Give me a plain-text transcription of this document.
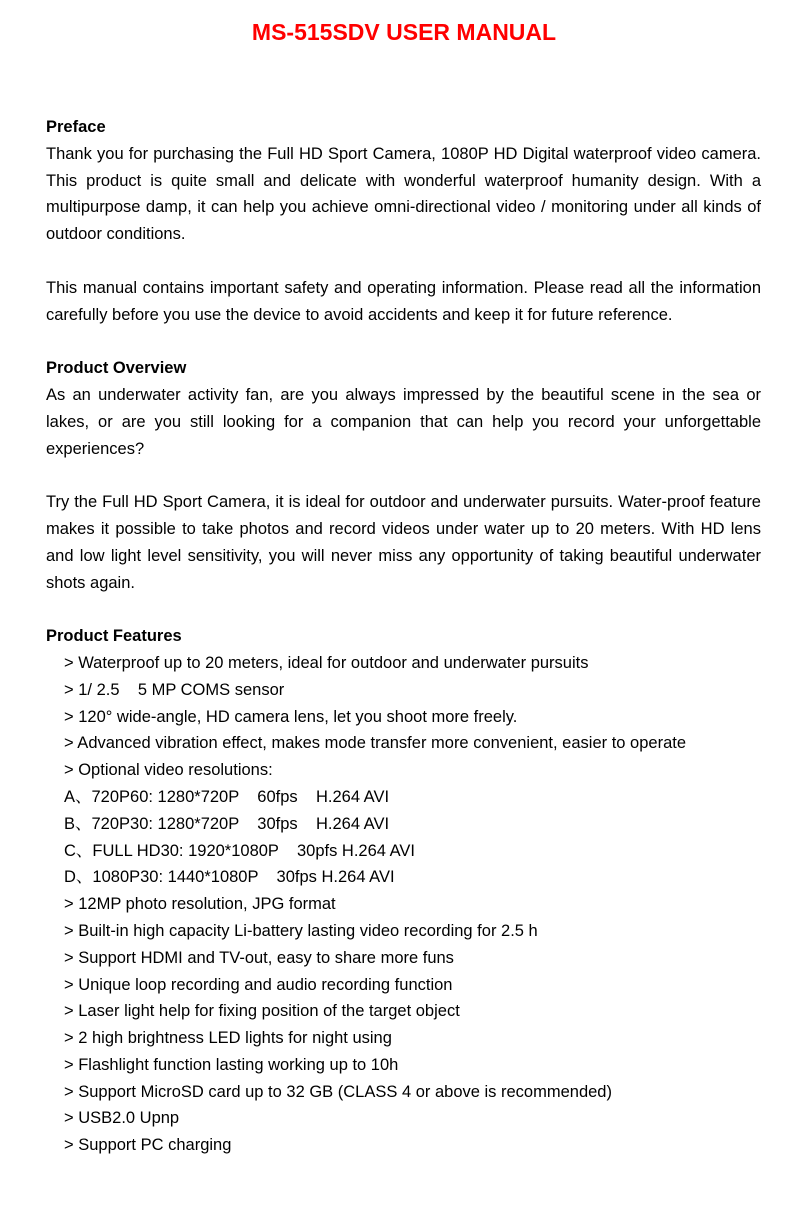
MS-515SDV USER MANUAL

Preface

Thank you for purchasing the Full HD Sport Camera, 1080P HD Digital waterproof video camera. This product is quite small and delicate with wonderful waterproof humanity design. With a multipurpose damp, it can help you achieve omni-directional video / monitoring under all kinds of outdoor conditions.

This manual contains important safety and operating information. Please read all the information carefully before you use the device to avoid accidents and keep it for future reference.

Product Overview

As an underwater activity fan, are you always impressed by the beautiful scene in the sea or lakes, or are you still looking for a companion that can help you record your unforgettable experiences?

Try the Full HD Sport Camera, it is ideal for outdoor and underwater pursuits. Water-proof feature makes it possible to take photos and record videos under water up to 20 meters. With HD lens and low light level sensitivity, you will never miss any opportunity of taking beautiful underwater shots again.

Product Features

> Waterproof up to 20 meters, ideal for outdoor and underwater pursuits
> 1/ 2.5    5 MP COMS sensor
> 120° wide-angle, HD camera lens, let you shoot more freely.
> Advanced vibration effect, makes mode transfer more convenient, easier to operate
> Optional video resolutions:
A、720P60: 1280*720P    60fps    H.264 AVI
B、720P30: 1280*720P    30fps    H.264 AVI
C、FULL HD30: 1920*1080P    30pfs H.264 AVI
D、1080P30: 1440*1080P    30fps H.264 AVI
> 12MP photo resolution, JPG format
> Built-in high capacity Li-battery lasting video recording for 2.5 h
> Support HDMI and TV-out, easy to share more funs
> Unique loop recording and audio recording function
> Laser light help for fixing position of the target object
> 2 high brightness LED lights for night using
> Flashlight function lasting working up to 10h
> Support MicroSD card up to 32 GB (CLASS 4 or above is recommended)
> USB2.0 Upnp
> Support PC charging
